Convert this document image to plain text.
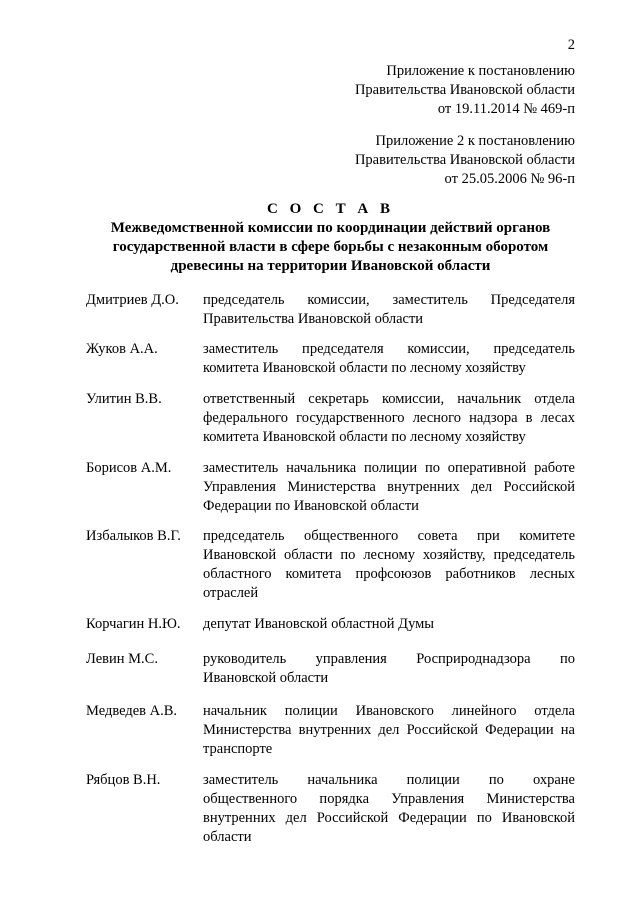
2
Приложение к постановлению
Правительства Ивановской области
от 19.11.2014 № 469-п
Приложение 2 к постановлению
Правительства Ивановской области
от 25.05.2006 № 96-п
С О С Т А В
Межведомственной комиссии по координации действий органов
государственной власти в сфере борьбы с незаконным оборотом
древесины на территории Ивановской области
Дмитриев Д.О.	председатель комиссии, заместитель Председателя
Правительства Ивановской области
Жуков А.А.	заместитель председателя комиссии, председатель
комитета Ивановской области по лесному хозяйству
Улитин В.В.	ответственный секретарь комиссии, начальник отдела
федерального государственного лесного надзора в лесах
комитета Ивановской области по лесному хозяйству
Борисов А.М.	заместитель начальника полиции по оперативной работе
Управления Министерства внутренних дел Российской
Федерации по Ивановской области
Избалыков В.Г.	председатель общественного совета при комитете
Ивановской области по лесному хозяйству, председатель
областного комитета профсоюзов работников лесных
отраслей
Корчагин Н.Ю.	депутат Ивановской областной Думы
Левин М.С.	руководитель управления Росприроднадзора по
Ивановской области
Медведев А.В.	начальник полиции Ивановского линейного отдела
Министерства внутренних дел Российской Федерации на
транспорте
Рябцов В.Н.	заместитель начальника полиции по охране
общественного порядка Управления Министерства
внутренних дел Российской Федерации по Ивановской
области
